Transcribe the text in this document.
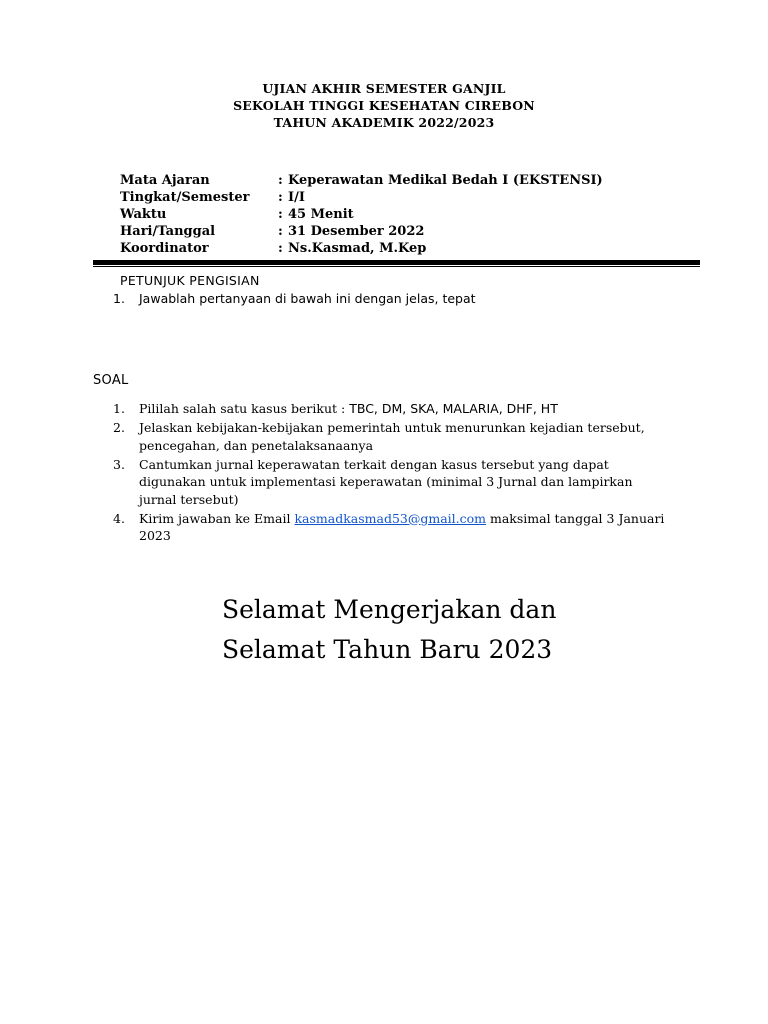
UJIAN AKHIR SEMESTER GANJIL
SEKOLAH TINGGI KESEHATAN CIREBON
TAHUN AKADEMIK 2022/2023
Mata Ajaran	: Keperawatan Medikal Bedah I (EKSTENSI)
Tingkat/Semester : I/I
Waktu	: 45 Menit
Hari/Tanggal	: 31 Desember 2022
Koordinator	: Ns.Kasmad, M.Kep
PETUNJUK PENGISIAN
1. Jawablah pertanyaan di bawah ini dengan jelas, tepat
SOAL
1. Pililah salah satu kasus berikut : TBC, DM, SKA, MALARIA, DHF, HT
2. Jelaskan kebijakan-kebijakan pemerintah untuk menurunkan kejadian tersebut, pencegahan, dan penetalaksanaanya
3. Cantumkan jurnal keperawatan terkait dengan kasus tersebut yang dapat digunakan untuk implementasi keperawatan (minimal 3 Jurnal dan lampirkan jurnal tersebut)
4. Kirim jawaban ke Email kasmadkasmad53@gmail.com maksimal tanggal 3 Januari 2023
Selamat Mengerjakan dan
Selamat Tahun Baru 2023
